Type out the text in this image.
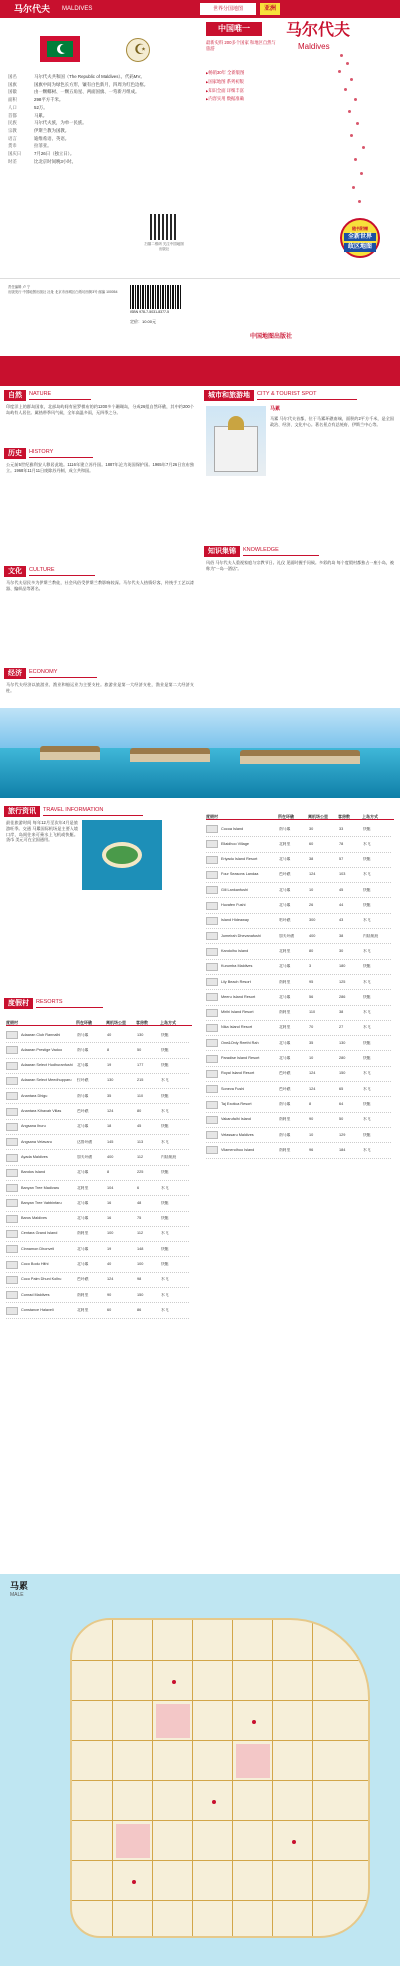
马尔代夫 MALDIVES	世界分国地图	亚洲
☪
国名	马尔代夫共和国（The Republic of Maldives）。代码MV。
国旗	国旗中间为绿色长方形，镶有白色新月，四周为红色边框。
国徽	由一颗椰树、一颗五角星、两面国旗、一弯新月组成。
面积	298平方千米。
人口	52万。
首都	马累。
民族	马尔代夫族，为单一民族。
宗教	伊斯兰教为国教。
语言	迪维希语、英语。
货币	拉菲亚。
国庆日	7月26日（独立日）。
时差	比北京时间晚3小时。
扫描二维码 关注中国地图出版社
中国唯一	马尔代夫
Maldives
最新史料 200多个国家 和地区自然与旅游
▶ 畅销30年 全新版图
▶ 国家地图 系列初版
▶ 知识全面 详细丰富
▶ 内容实用 数据准确
随书附赠
全新世界
政区地图
责任编辑 卢 宁
出版发行 中国地图出版社 社址 北京市西城区白纸坊西街3号 邮编 100054
ISBN 978-7-5031-8377-5
定价：10.00元
中国地图出版社
自然	NATURE
印度洋上的群岛国家，北部岛屿间有星罗棋布的约1200多个珊瑚岛，分成26组自然环礁，其中约200个岛屿有人居住。属热带季风气候，全年高温多雨，无四季之分。
历史	HISTORY
公元前5世纪雅利安人移居此地。1116年建立苏丹国。1887年沦为英国保护国。1965年7月26日宣布独立。1968年11月11日废除苏丹制，成立共和国。
文化	CULTURE
马尔代夫居民多为伊斯兰教徒，社会风俗受伊斯兰教影响较深。马尔代夫人热情好客，传统手工艺以漆器、编织品等著名。
经济	ECONOMY
马尔代夫经济以旅游业、渔业和船运业为主要支柱。旅游业是第一大经济支柱，渔业是第二大经济支柱。
城市和旅游地	CITY & TOURIST SPOT
马累
马累 马尔代夫首都，位于马累环礁南端，面积约2平方千米，是全国政治、经济、文化中心。著名景点有总统府、伊斯兰中心等。
知识集锦	KNOWLEDGE
风俗 马尔代夫人重视家庭与宗教节日。礼仪 见面时握手问候。多彩的岛 每个度假村都独占一座小岛，被称为“一岛一酒店”。
旅行资讯	TRAVEL INFORMATION
最佳旅游时间 每年12月至次年4月是旅游旺季。交通 马累国际机场是主要入境口岸，岛间往来可乘水上飞机或快艇。货币 美元可在全国通用。
度假村	RESORTS
度假村	所在环礁	离机场公里	客房数	上岛方式
Adaaran Club Rannalhi	南马累	40	130	快艇
Adaaran Prestige Vadoo	南马累	8	50	快艇
Adaaran Select Hudhuranfushi	北马累	19	177	快艇
Adaaran Select Meedhupparu	拉环礁	130	215	水飞
Anantara Dhigu	南马累	35	110	快艇
Anantara Kihavah Villas	芭环礁	124	80	水飞
Angsana Ihuru	北马累	18	45	快艇
Angsana Velavaru	达鲁环礁	145	113	水飞
Ayada Maldives	加夫环礁	400	112	内陆航班
Bandos Island	北马累	8	225	快艇
Banyan Tree Madivaru	北阿里	104	6	水飞
Banyan Tree Vabbinfaru	北马累	16	48	快艇
Baros Maldives	北马累	16	75	快艇
Centara Grand Island	南阿里	100	112	水飞
Cinnamon Dhonveli	北马累	19	148	快艇
Coco Bodu Hithi	北马累	40	100	快艇
Coco Palm Dhuni Kolhu	芭环礁	124	98	水飞
Conrad Maldives	南阿里	90	150	水飞
Constance Halaveli	北阿里	60	86	水飞
度假村	所在环礁	离机场公里	客房数	上岛方式
Cocoa Island	南马累	30	33	快艇
Ellaidhoo Village	北阿里	60	78	水飞
Eriyadu Island Resort	北马累	38	57	快艇
Four Seasons Landaa	芭环礁	124	103	水飞
Gili Lankanfushi	北马累	10	45	快艇
Huvafen Fushi	北马累	26	44	快艇
Island Hideaway	哈环礁	300	43	水飞
Jumeirah Dhevanafushi	加夫环礁	400	38	内陆航班
Kandolhu Island	北阿里	80	30	水飞
Kurumba Maldives	北马累	3	180	快艇
Lily Beach Resort	南阿里	95	125	水飞
Meeru Island Resort	北马累	56	286	快艇
Mirihi Island Resort	南阿里	110	38	水飞
Nika Island Resort	北阿里	70	27	水飞
One&Only Reethi Rah	北马累	35	130	快艇
Paradise Island Resort	北马累	10	280	快艇
Royal Island Resort	芭环礁	124	150	水飞
Soneva Fushi	芭环礁	124	65	水飞
Taj Exotica Resort	南马累	8	64	快艇
Vakarufalhi Island	南阿里	90	50	水飞
Velassaru Maldives	南马累	10	129	快艇
Vilamendhoo Island	南阿里	96	184	水飞
马累
MALE
